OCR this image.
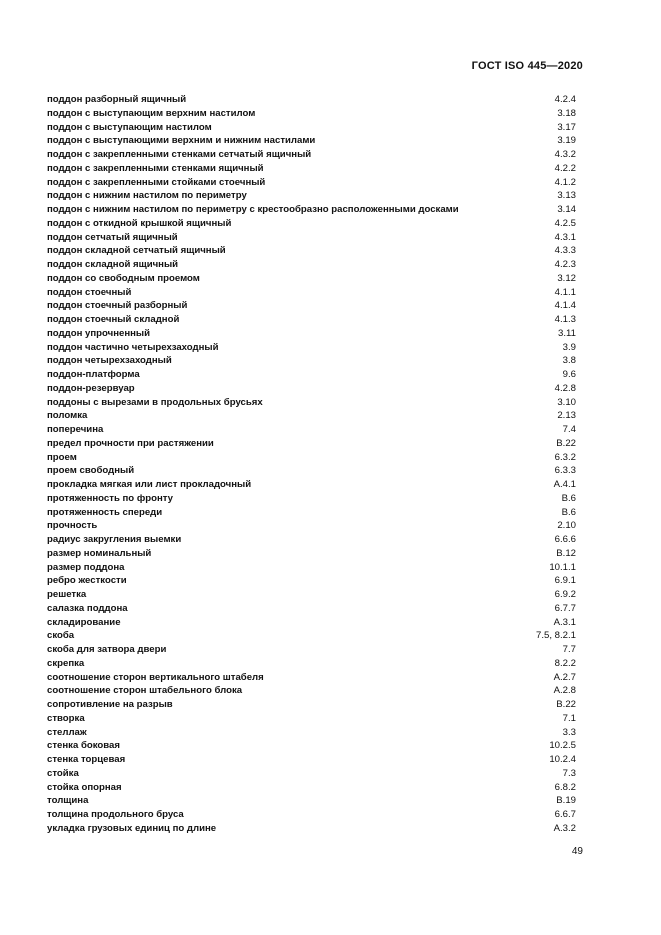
ГОСТ ISO 445—2020
поддон разборный ящичный	4.2.4
поддон с выступающим верхним настилом	3.18
поддон с выступающим настилом	3.17
поддон с выступающими верхним и нижним настилами	3.19
поддон с закрепленными стенками сетчатый ящичный	4.3.2
поддон с закрепленными стенками ящичный	4.2.2
поддон с закрепленными стойками стоечный	4.1.2
поддон с нижним настилом по периметру	3.13
поддон с нижним настилом по периметру с крестообразно расположенными досками	3.14
поддон с откидной крышкой ящичный	4.2.5
поддон сетчатый ящичный	4.3.1
поддон складной сетчатый ящичный	4.3.3
поддон складной ящичный	4.2.3
поддон со свободным проемом	3.12
поддон стоечный	4.1.1
поддон стоечный разборный	4.1.4
поддон стоечный складной	4.1.3
поддон упрочненный	3.11
поддон частично четырехзаходный	3.9
поддон четырехзаходный	3.8
поддон-платформа	9.6
поддон-резервуар	4.2.8
поддоны с вырезами в продольных брусьях	3.10
поломка	2.13
поперечина	7.4
предел прочности при растяжении	В.22
проем	6.3.2
проем свободный	6.3.3
прокладка мягкая или лист прокладочный	А.4.1
протяженность по фронту	В.6
протяженность спереди	В.6
прочность	2.10
радиус закругления выемки	6.6.6
размер номинальный	В.12
размер поддона	10.1.1
ребро жесткости	6.9.1
решетка	6.9.2
салазка поддона	6.7.7
складирование	А.3.1
скоба	7.5, 8.2.1
скоба для затвора двери	7.7
скрепка	8.2.2
соотношение сторон вертикального штабеля	А.2.7
соотношение сторон штабельного блока	А.2.8
сопротивление на разрыв	В.22
створка	7.1
стеллаж	3.3
стенка боковая	10.2.5
стенка торцевая	10.2.4
стойка	7.3
стойка опорная	6.8.2
толщина	В.19
толщина продольного бруса	6.6.7
укладка грузовых единиц по длине	А.3.2
49
